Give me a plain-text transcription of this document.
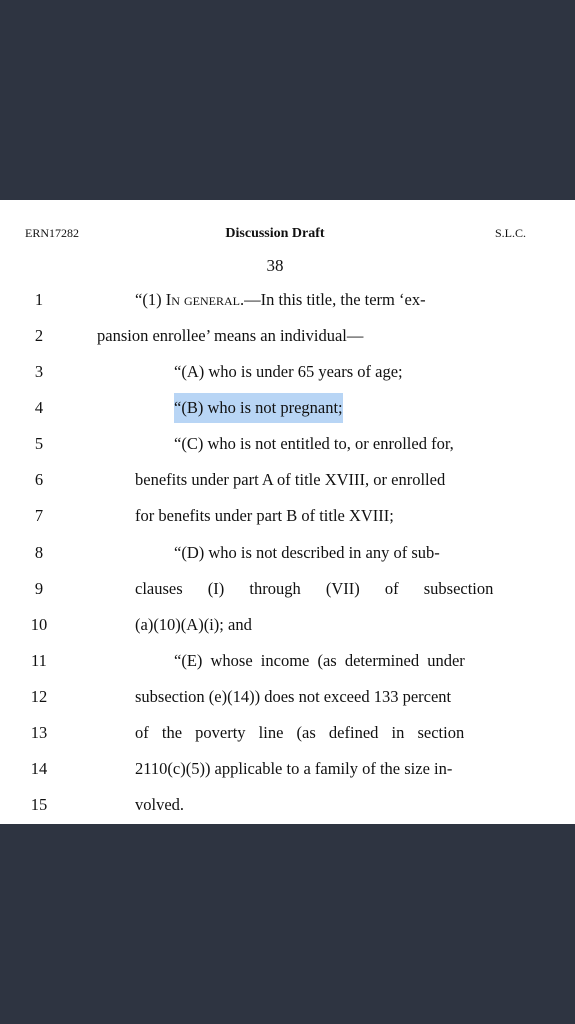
ERN17282	Discussion Draft	S.L.C.
38
1	“(1) In general.—In this title, the term ‘ex-
2	pansion enrollee’ means an individual—
3	“(A) who is under 65 years of age;
4	“(B) who is not pregnant;
5	“(C) who is not entitled to, or enrolled for,
6	benefits under part A of title XVIII, or enrolled
7	for benefits under part B of title XVIII;
8	“(D) who is not described in any of sub-
9	clauses (I) through (VII) of subsection
10	(a)(10)(A)(i); and
11	“(E) whose income (as determined under
12	subsection (e)(14)) does not exceed 133 percent
13	of the poverty line (as defined in section
14	2110(c)(5)) applicable to a family of the size in-
15	volved.
